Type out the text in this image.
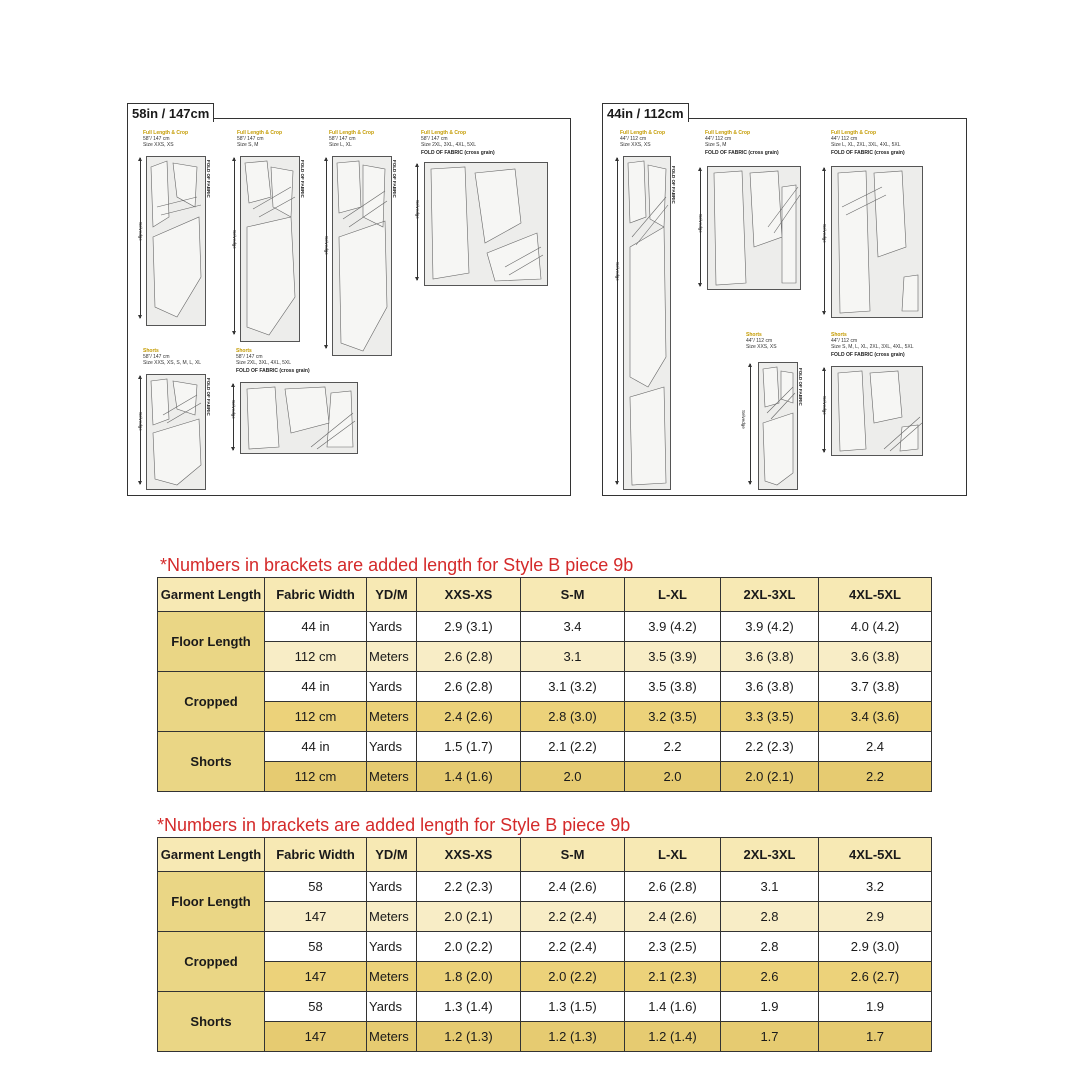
58in / 147cm
Full Length & Crop
58"/ 147 cm
Size XXS, XS
FOLD OF FABRIC
Selvedge
Full Length & Crop
58"/ 147 cm
Size S, M
FOLD OF FABRIC
Selvedge
Full Length & Crop
58"/ 147 cm
Size L, XL
FOLD OF FABRIC
Selvedge
Full Length & Crop
58"/ 147 cm
Size 2XL, 3XL, 4XL, 5XL
FOLD OF FABRIC (cross grain)
Selvedge
Shorts
58"/ 147 cm
Size XXS, XS, S, M, L, XL
FOLD OF FABRIC
Selvedge
Shorts
58"/ 147 cm
Size 2XL, 3XL, 4XL, 5XL
FOLD OF FABRIC (cross grain)
Selvedge
44in / 112cm
Full Length & Crop
44"/ 112 cm
Size XXS, XS
FOLD OF FABRIC
Selvedge
Full Length & Crop
44"/ 112 cm
Size S, M
FOLD OF FABRIC (cross grain)
Selvedge
Full Length & Crop
44"/ 112 cm
Size L, XL, 2XL, 3XL, 4XL, 5XL
FOLD OF FABRIC (cross grain)
Selvedge
Shorts
44"/ 112 cm
Size XXS, XS
FOLD OF FABRIC
Selvedge
Shorts
44"/ 112 cm
Size S, M, L, XL, 2XL, 3XL, 4XL, 5XL
FOLD OF FABRIC (cross grain)
Selvedge
*Numbers in brackets are added length for Style B piece 9b
Garment Length	Fabric Width	YD/M	XXS-XS	S-M	L-XL	2XL-3XL	4XL-5XL
Floor Length	44 in	Yards	2.9 (3.1)	3.4	3.9 (4.2)	3.9 (4.2)	4.0 (4.2)
	112 cm	Meters	2.6 (2.8)	3.1	3.5 (3.9)	3.6 (3.8)	3.6 (3.8)
Cropped	44 in	Yards	2.6 (2.8)	3.1 (3.2)	3.5 (3.8)	3.6 (3.8)	3.7 (3.8)
	112 cm	Meters	2.4 (2.6)	2.8 (3.0)	3.2 (3.5)	3.3 (3.5)	3.4 (3.6)
Shorts	44 in	Yards	1.5 (1.7)	2.1 (2.2)	2.2	2.2 (2.3)	2.4
	112 cm	Meters	1.4 (1.6)	2.0	2.0	2.0 (2.1)	2.2
*Numbers in brackets are added length for Style B piece 9b
Garment Length	Fabric Width	YD/M	XXS-XS	S-M	L-XL	2XL-3XL	4XL-5XL
Floor Length	58	Yards	2.2 (2.3)	2.4 (2.6)	2.6 (2.8)	3.1	3.2
	147	Meters	2.0 (2.1)	2.2 (2.4)	2.4 (2.6)	2.8	2.9
Cropped	58	Yards	2.0 (2.2)	2.2 (2.4)	2.3 (2.5)	2.8	2.9 (3.0)
	147	Meters	1.8 (2.0)	2.0 (2.2)	2.1 (2.3)	2.6	2.6 (2.7)
Shorts	58	Yards	1.3 (1.4)	1.3 (1.5)	1.4 (1.6)	1.9	1.9
	147	Meters	1.2 (1.3)	1.2 (1.3)	1.2 (1.4)	1.7	1.7
